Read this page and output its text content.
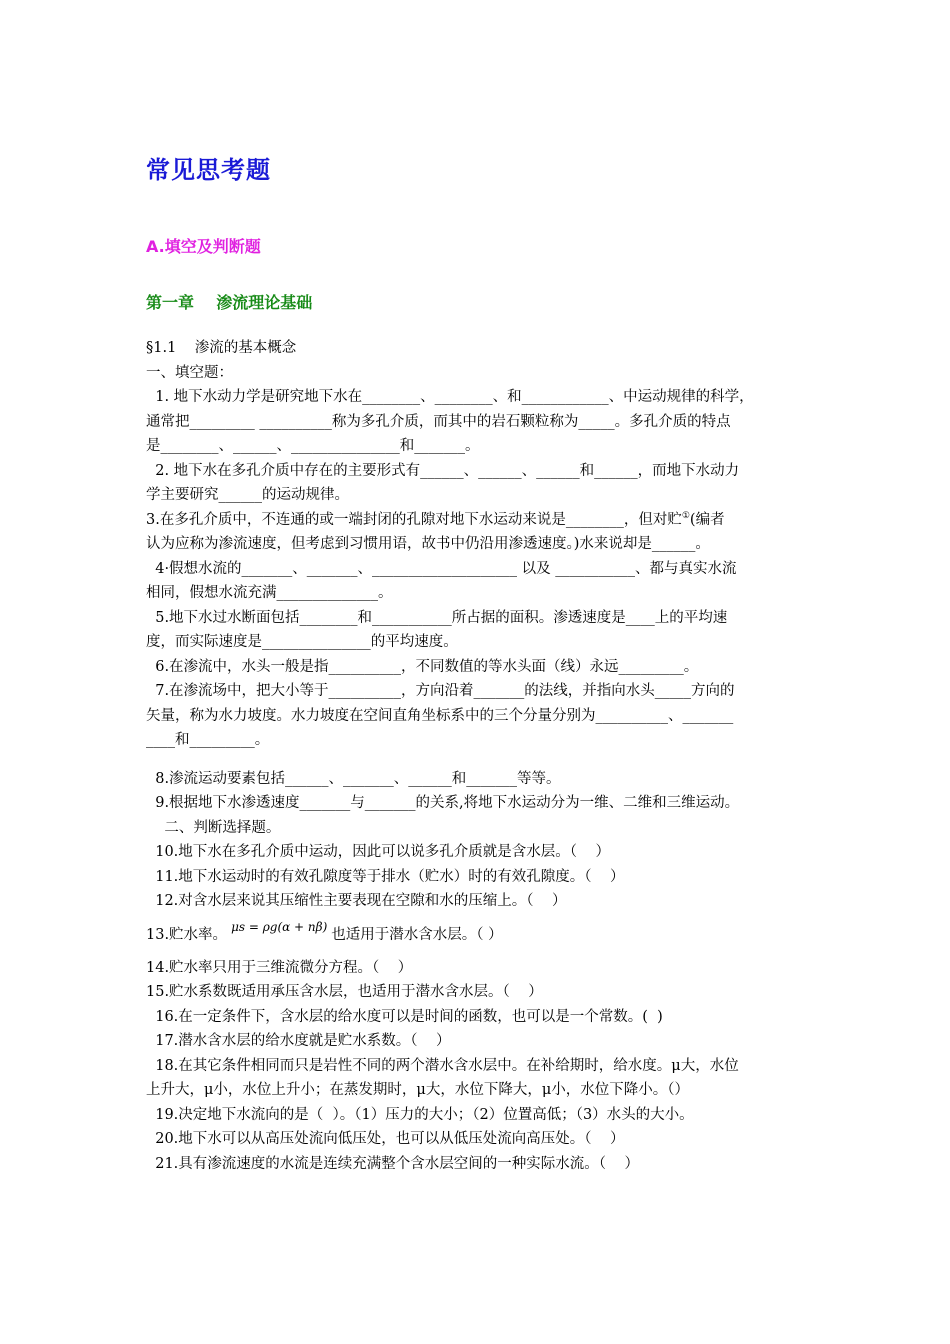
常见思考题
A.填空及判断题
第一章    渗流理论基础
§1.1    渗流的基本概念
一、填空题：
1. 地下水动力学是研究地下水在________、________、和____________、中运动规律的科学，
通常把_________ __________称为多孔介质，而其中的岩石颗粒称为_____。多孔介质的特点
是________、______、_______________和_______。
2. 地下水在多孔介质中存在的主要形式有______、______、______和______，而地下水动力
学主要研究______的运动规律。
3.在多孔介质中，不连通的或一端封闭的孔隙对地下水运动来说是________，但对贮①(编者
认为应称为渗流速度，但考虑到习惯用语，故书中仍沿用渗透速度。)水来说却是______。
4·假想水流的_______、_______、____________________ 以及 ___________、都与真实水流
相同，假想水流充满______________。
5.地下水过水断面包括________和___________所占据的面积。渗透速度是____上的平均速
度，而实际速度是_______________的平均速度。
6.在渗流中，水头一般是指__________，不同数值的等水头面（线）永远_________。
7.在渗流场中，把大小等于__________，方向沿着_______的法线，并指向水头_____方向的
矢量，称为水力坡度。水力坡度在空间直角坐标系中的三个分量分别为__________、_______
____和_________。
8.渗流运动要素包括______、_______、______和_______等等。
9.根据地下水渗透速度_______与_______的关系,将地下水运动分为一维、二维和三维运动。
二、判断选择题。
10.地下水在多孔介质中运动，因此可以说多孔介质就是含水层。（    ）
11.地下水运动时的有效孔隙度等于排水（贮水）时的有效孔隙度。（    ）
12.对含水层来说其压缩性主要表现在空隙和水的压缩上。（    ）
13.贮水率。 μs = ρg(α + nβ) 也适用于潜水含水层。（ ）
14.贮水率只用于三维流微分方程。（    ）
15.贮水系数既适用承压含水层，也适用于潜水含水层。（    ）
16.在一定条件下，含水层的给水度可以是时间的函数，也可以是一个常数。(  )
17.潜水含水层的给水度就是贮水系数。（    ）
18.在其它条件相同而只是岩性不同的两个潜水含水层中。在补给期时，给水度。μ大，水位
上升大，μ小，水位上升小；在蒸发期时，μ大，水位下降大，μ小，水位下降小。（）
19.决定地下水流向的是（  ）。（1）压力的大小；（2）位置高低；（3）水头的大小。
20.地下水可以从高压处流向低压处，也可以从低压处流向高压处。（    ）
21.具有渗流速度的水流是连续充满整个含水层空间的一种实际水流。（    ）
